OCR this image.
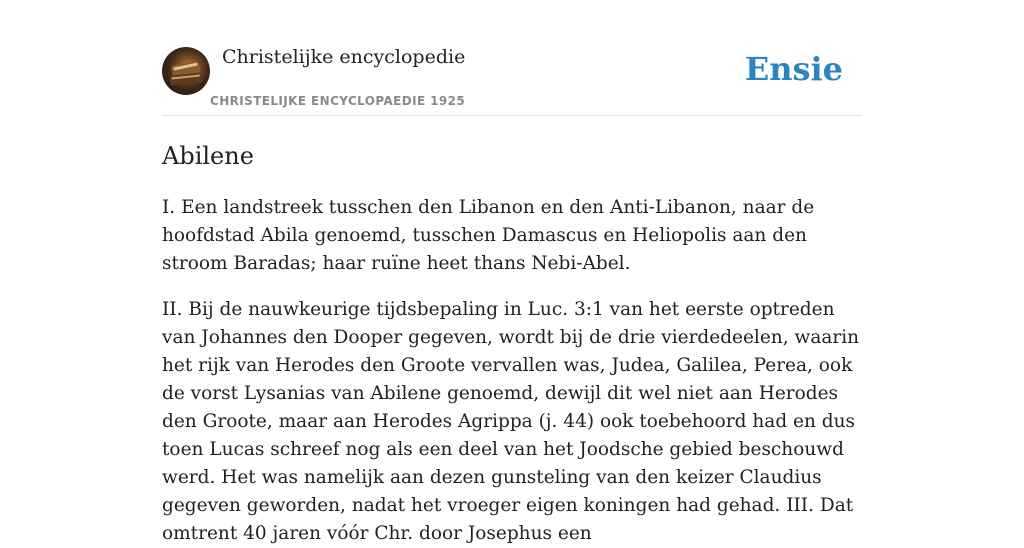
Christelijke encyclopedie
CHRISTELIJKE ENCYCLOPAEDIE 1925
Ensie
Abilene

I. Een landstreek tusschen den Libanon en den Anti-Libanon, naar de hoofdstad Abila genoemd, tusschen Damascus en Heliopolis aan den stroom Baradas; haar ruïne heet thans Nebi-Abel.

II. Bij de nauwkeurige tijdsbepaling in Luc. 3:1 van het eerste optreden van Johannes den Dooper gegeven, wordt bij de drie vierdedeelen, waarin het rijk van Herodes den Groote vervallen was, Judea, Galilea, Perea, ook de vorst Lysanias van Abilene genoemd, dewijl dit wel niet aan Herodes den Groote, maar aan Herodes Agrippa (j. 44) ook toebehoord had en dus toen Lucas schreef nog als een deel van het Joodsche gebied beschouwd werd. Het was namelijk aan dezen gunsteling van den keizer Claudius gegeven geworden, nadat het vroeger eigen koningen had gehad. III. Dat omtrent 40 jaren vóór Chr. door Josephus een
